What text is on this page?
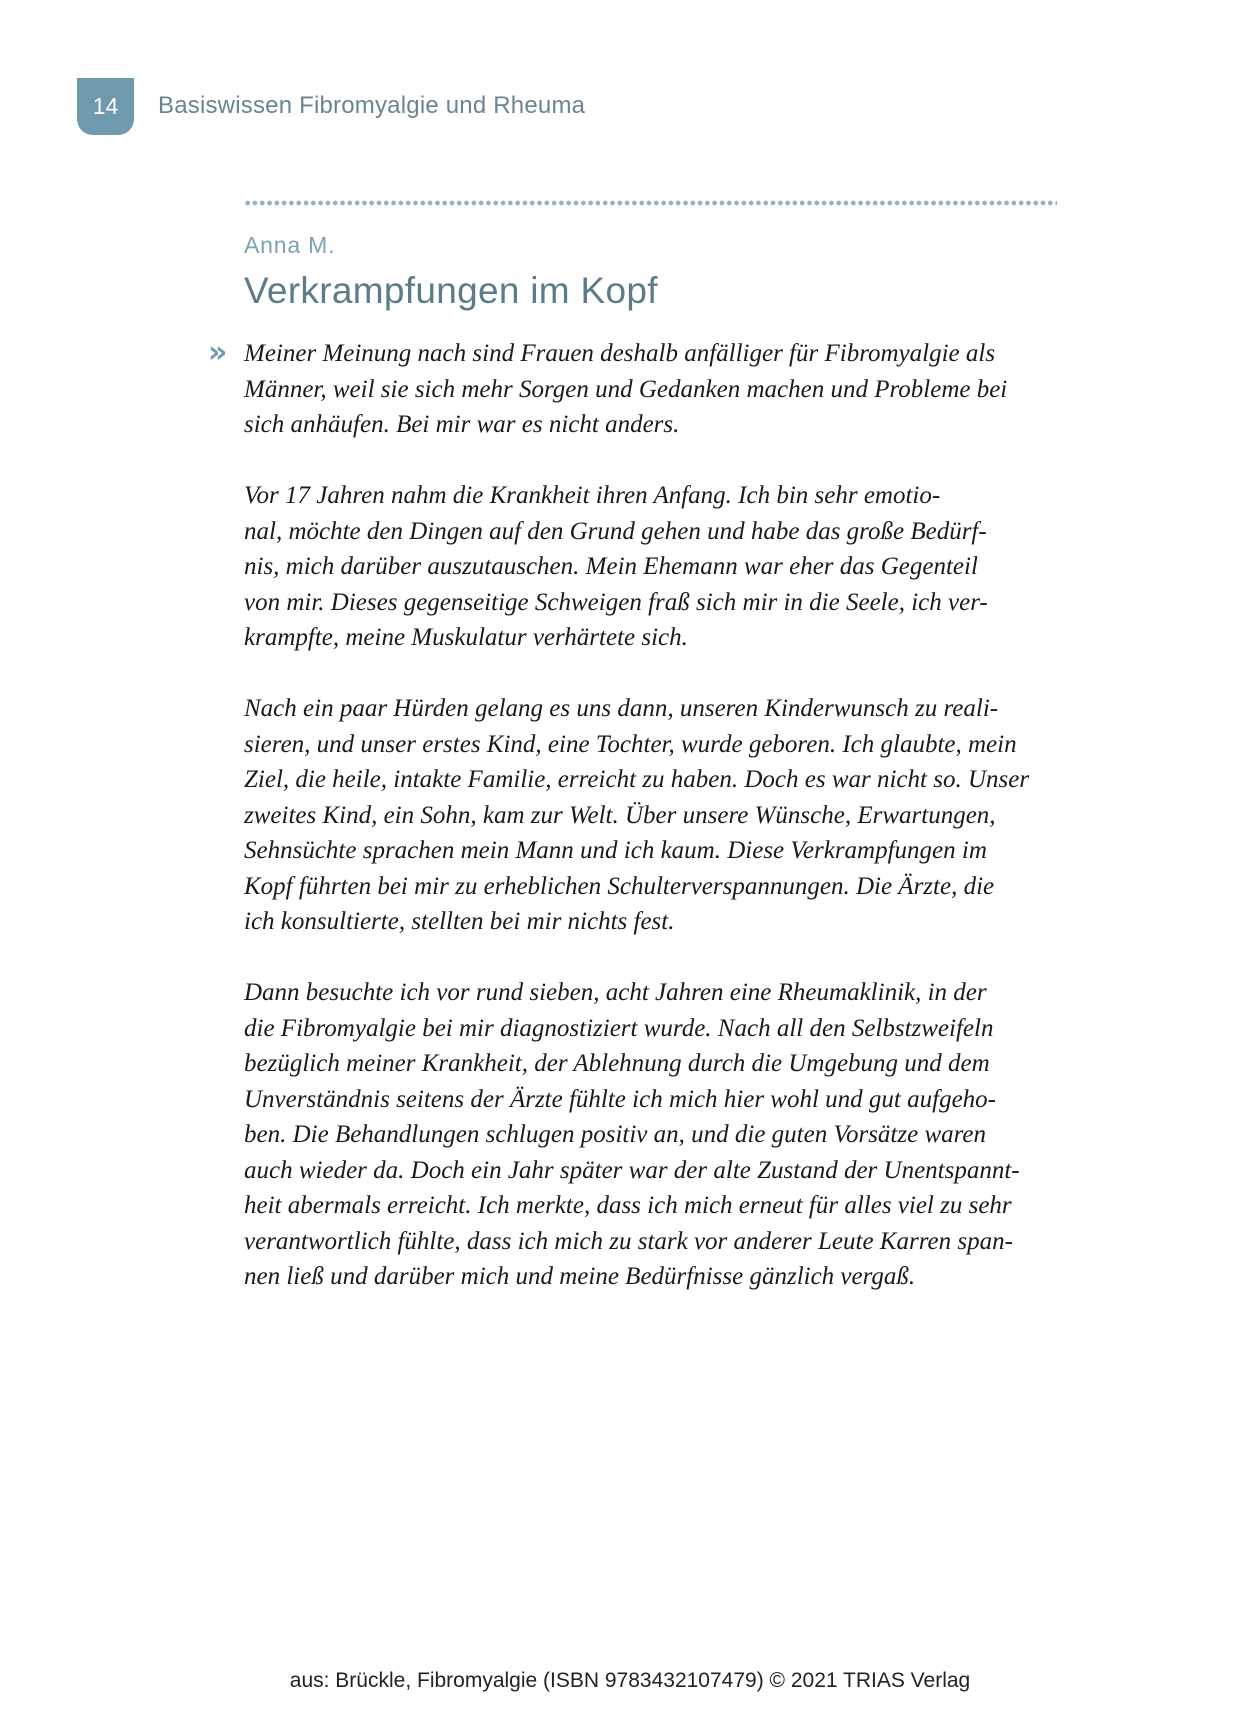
14	Basiswissen Fibromyalgie und Rheuma
Anna M.
Verkrampfungen im Kopf
» Meiner Meinung nach sind Frauen deshalb anfälliger für Fibromyalgie als
Männer, weil sie sich mehr Sorgen und Gedanken machen und Probleme bei
sich anhäufen. Bei mir war es nicht anders.
Vor 17 Jahren nahm die Krankheit ihren Anfang. Ich bin sehr emotio-
nal, möchte den Dingen auf den Grund gehen und habe das große Bedürf-
nis, mich darüber auszutauschen. Mein Ehemann war eher das Gegenteil
von mir. Dieses gegenseitige Schweigen fraß sich mir in die Seele, ich ver-
krampfte, meine Muskulatur verhärtete sich.
Nach ein paar Hürden gelang es uns dann, unseren Kinderwunsch zu reali-
sieren, und unser erstes Kind, eine Tochter, wurde geboren. Ich glaubte, mein
Ziel, die heile, intakte Familie, erreicht zu haben. Doch es war nicht so. Unser
zweites Kind, ein Sohn, kam zur Welt. Über unsere Wünsche, Erwartungen,
Sehnsüchte sprachen mein Mann und ich kaum. Diese Verkrampfungen im
Kopf führten bei mir zu erheblichen Schulterverspannungen. Die Ärzte, die
ich konsultierte, stellten bei mir nichts fest.
Dann besuchte ich vor rund sieben, acht Jahren eine Rheumaklinik, in der
die Fibromyalgie bei mir diagnostiziert wurde. Nach all den Selbstzweifeln
bezüglich meiner Krankheit, der Ablehnung durch die Umgebung und dem
Unverständnis seitens der Ärzte fühlte ich mich hier wohl und gut aufgeho-
ben. Die Behandlungen schlugen positiv an, und die guten Vorsätze waren
auch wieder da. Doch ein Jahr später war der alte Zustand der Unentspannt-
heit abermals erreicht. Ich merkte, dass ich mich erneut für alles viel zu sehr
verantwortlich fühlte, dass ich mich zu stark vor anderer Leute Karren span-
nen ließ und darüber mich und meine Bedürfnisse gänzlich vergaß.
aus: Brückle, Fibromyalgie (ISBN 9783432107479) © 2021 TRIAS Verlag
